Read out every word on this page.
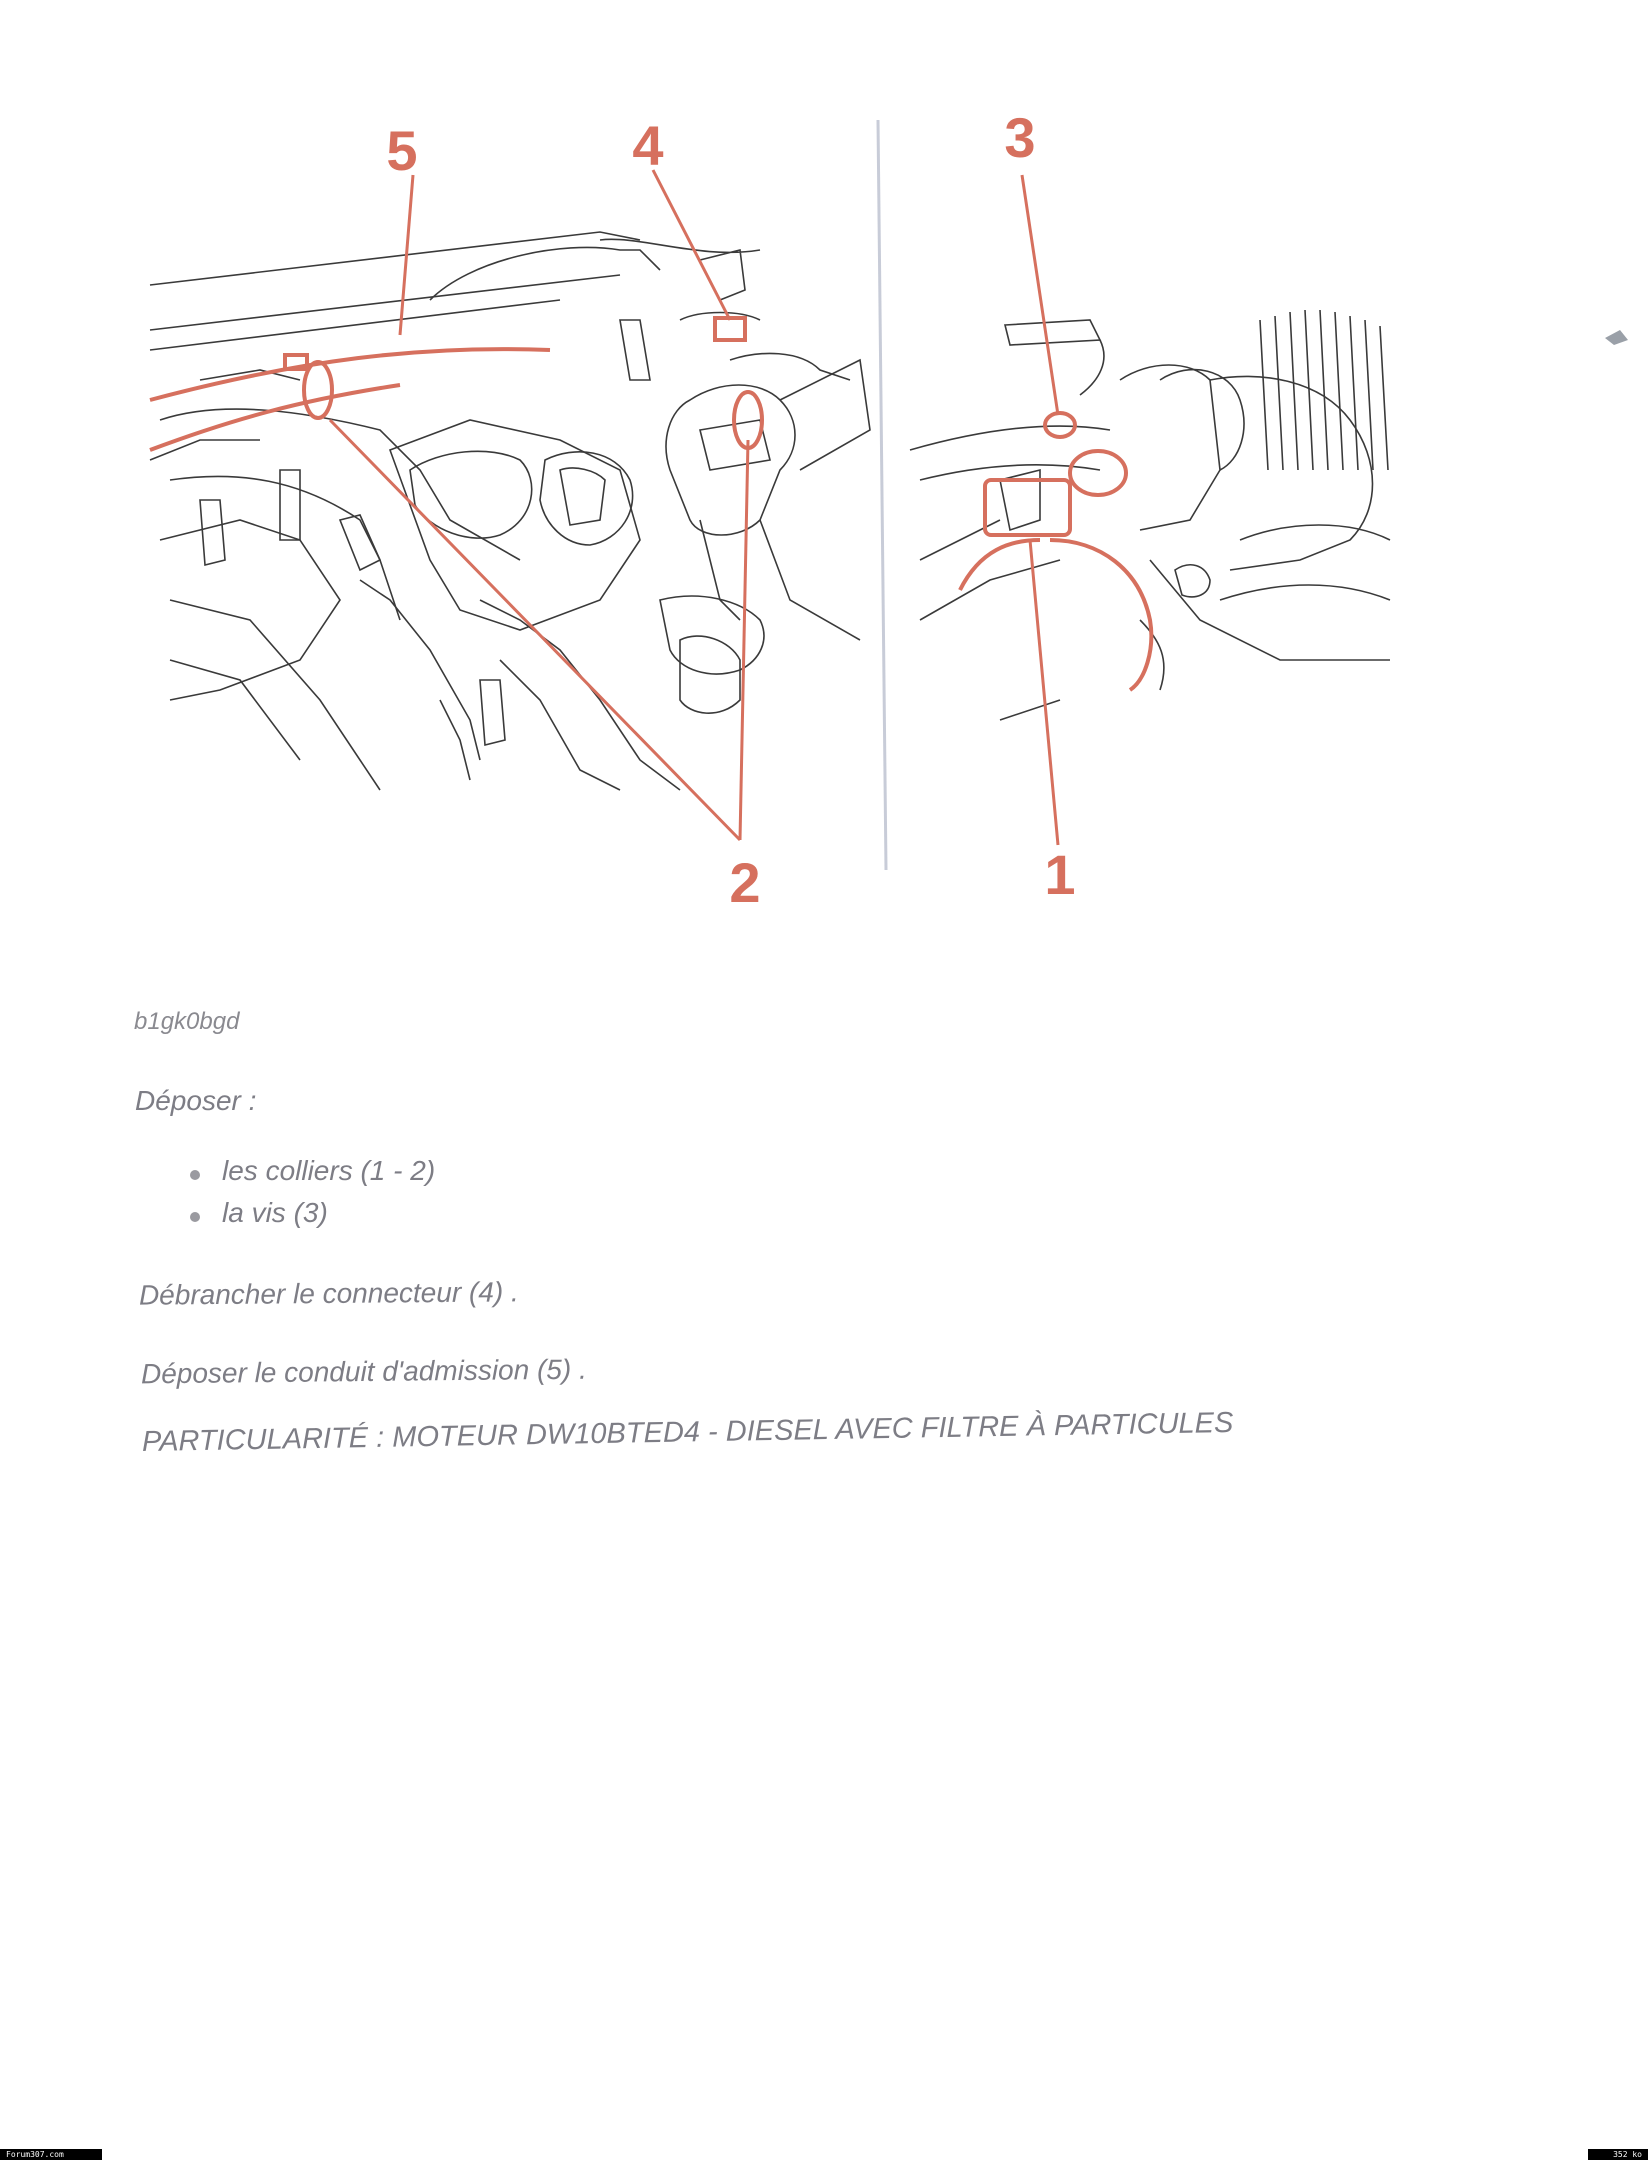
5	4	3
2	1
b1gk0bgd
Déposer :
les colliers (1 - 2)
la vis (3)
Débrancher le connecteur (4) .
Déposer le conduit d'admission (5) .
PARTICULARITÉ : MOTEUR DW10BTED4 - DIESEL AVEC FILTRE À PARTICULES
Forum307.com	352 ko
